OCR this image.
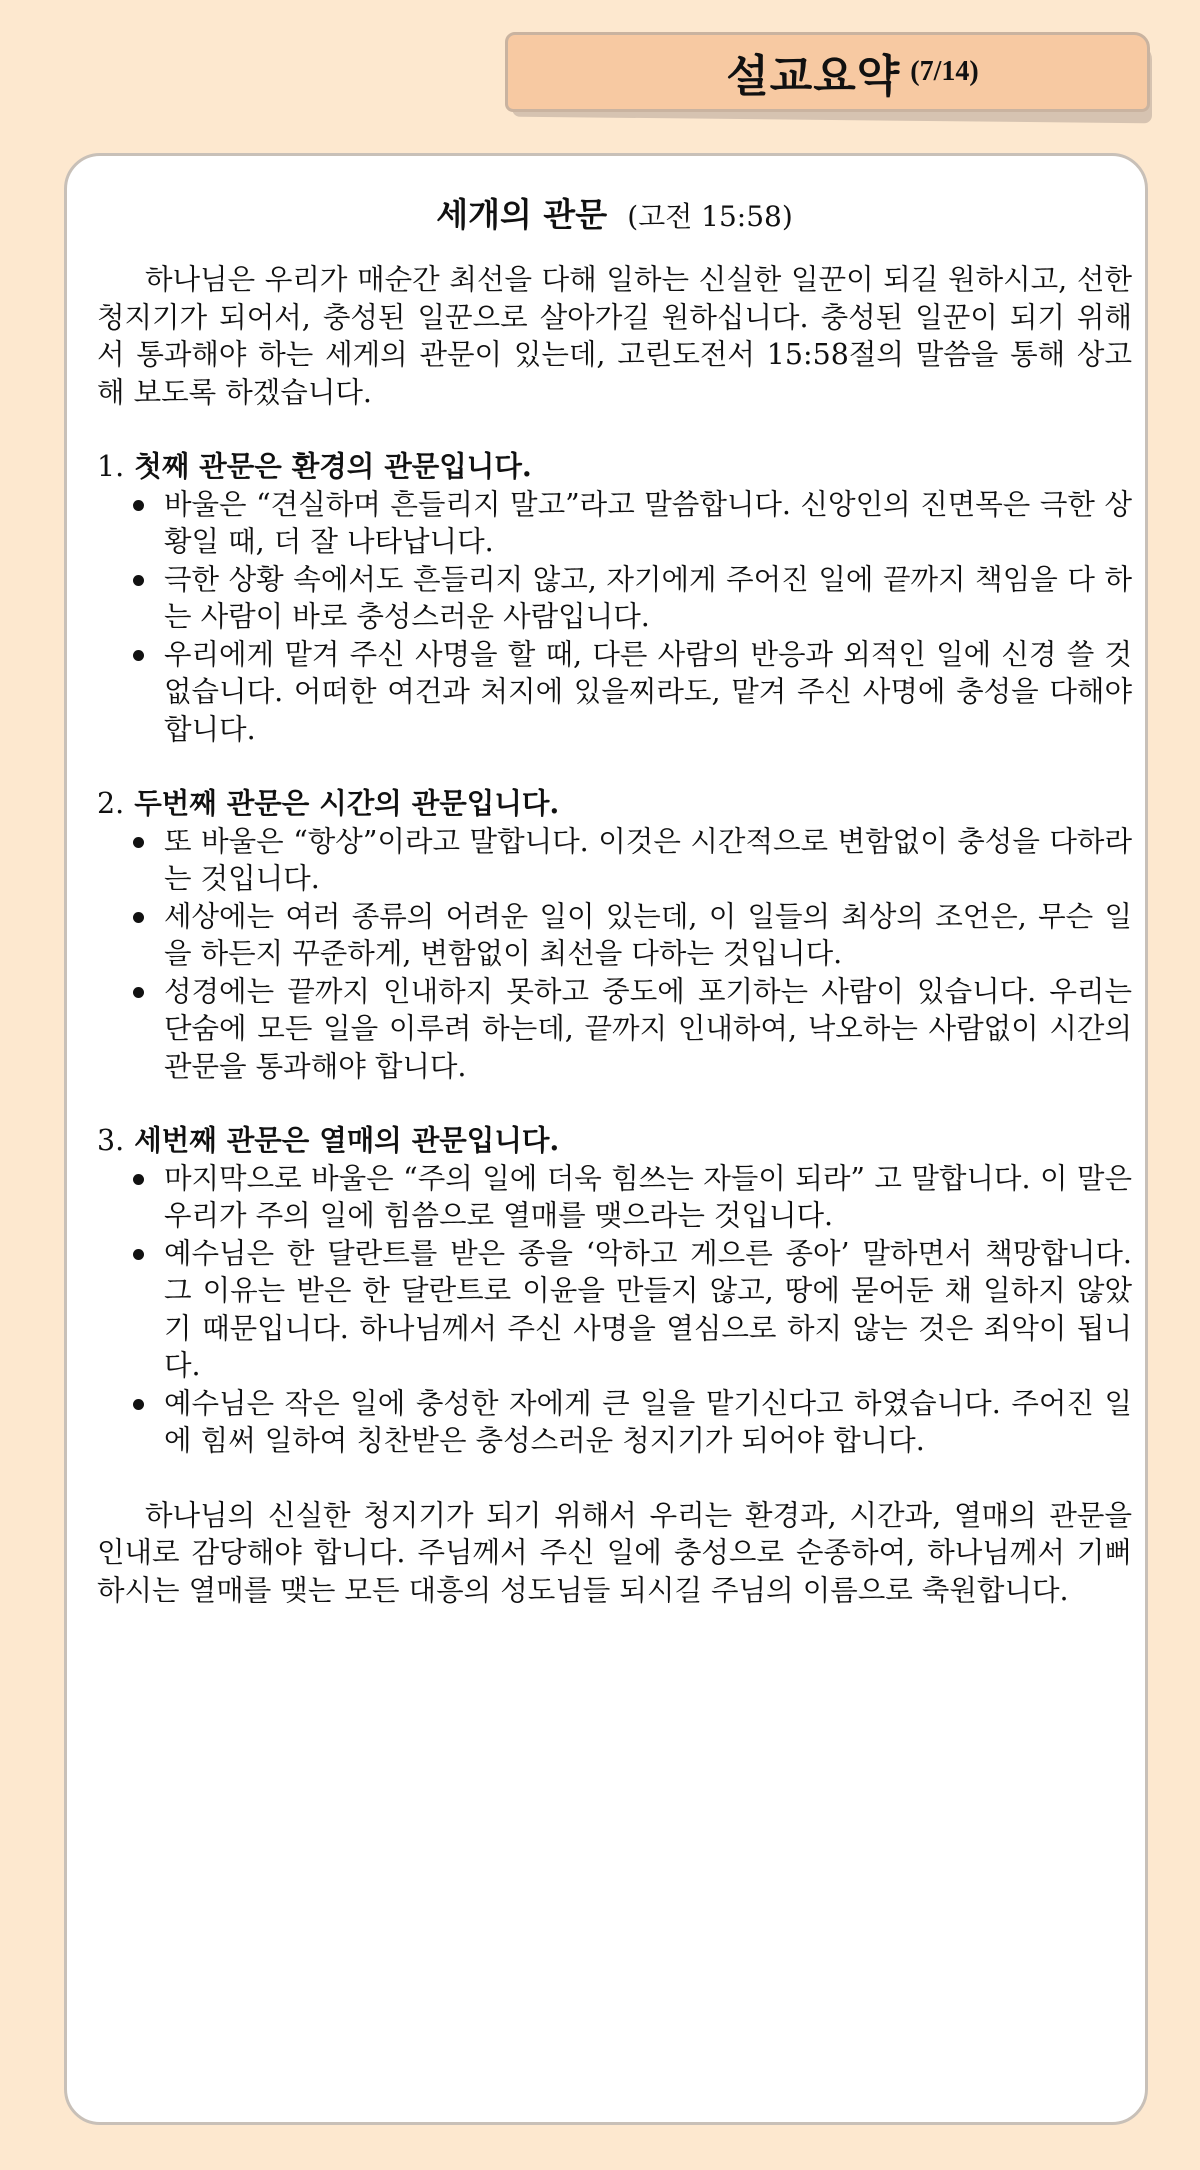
설교요약 (7/14)
세개의 관문 (고전 15:58)

하나님은 우리가 매순간 최선을 다해 일하는 신실한 일꾼이 되길 원하시고, 선한 청지기가 되어서, 충성된 일꾼으로 살아가길 원하십니다. 충성된 일꾼이 되기 위해서 통과해야 하는 세게의 관문이 있는데, 고린도전서 15:58절의 말씀을 통해 상고해 보도록 하겠습니다.

1. 첫째 관문은 환경의 관문입니다.
바울은 “견실하며 흔들리지 말고”라고 말씀합니다. 신앙인의 진면목은 극한 상황일 때, 더 잘 나타납니다.
극한 상황 속에서도 흔들리지 않고, 자기에게 주어진 일에 끝까지 책임을 다 하는 사람이 바로 충성스러운 사람입니다.
우리에게 맡겨 주신 사명을 할 때, 다른 사람의 반응과 외적인 일에 신경 쓸 것 없습니다. 어떠한 여건과 처지에 있을찌라도, 맡겨 주신 사명에 충성을 다해야 합니다.
2. 두번째 관문은 시간의 관문입니다.
또 바울은 “항상”이라고 말합니다. 이것은 시간적으로 변함없이 충성을 다하라는 것입니다.
세상에는 여러 종류의 어려운 일이 있는데, 이 일들의 최상의 조언은, 무슨 일을 하든지 꾸준하게, 변함없이 최선을 다하는 것입니다.
성경에는 끝까지 인내하지 못하고 중도에 포기하는 사람이 있습니다. 우리는 단숨에 모든 일을 이루려 하는데, 끝까지 인내하여, 낙오하는 사람없이 시간의 관문을 통과해야 합니다.
3. 세번째 관문은 열매의 관문입니다.
마지막으로 바울은 “주의 일에 더욱 힘쓰는 자들이 되라” 고 말합니다. 이 말은 우리가 주의 일에 힘씀으로 열매를 맺으라는 것입니다.
예수님은 한 달란트를 받은 종을 ‘악하고 게으른 종아’ 말하면서 책망합니다. 그 이유는 받은 한 달란트로 이윤을 만들지 않고, 땅에 묻어둔 채 일하지 않았기 때문입니다. 하나님께서 주신 사명을 열심으로 하지 않는 것은 죄악이 됩니다.
예수님은 작은 일에 충성한 자에게 큰 일을 맡기신다고 하였습니다. 주어진 일에 힘써 일하여 칭찬받은 충성스러운 청지기가 되어야 합니다.

하나님의 신실한 청지기가 되기 위해서 우리는 환경과, 시간과, 열매의 관문을 인내로 감당해야 합니다. 주님께서 주신 일에 충성으로 순종하여, 하나님께서 기뻐하시는 열매를 맺는 모든 대흥의 성도님들 되시길 주님의 이름으로 축원합니다.
